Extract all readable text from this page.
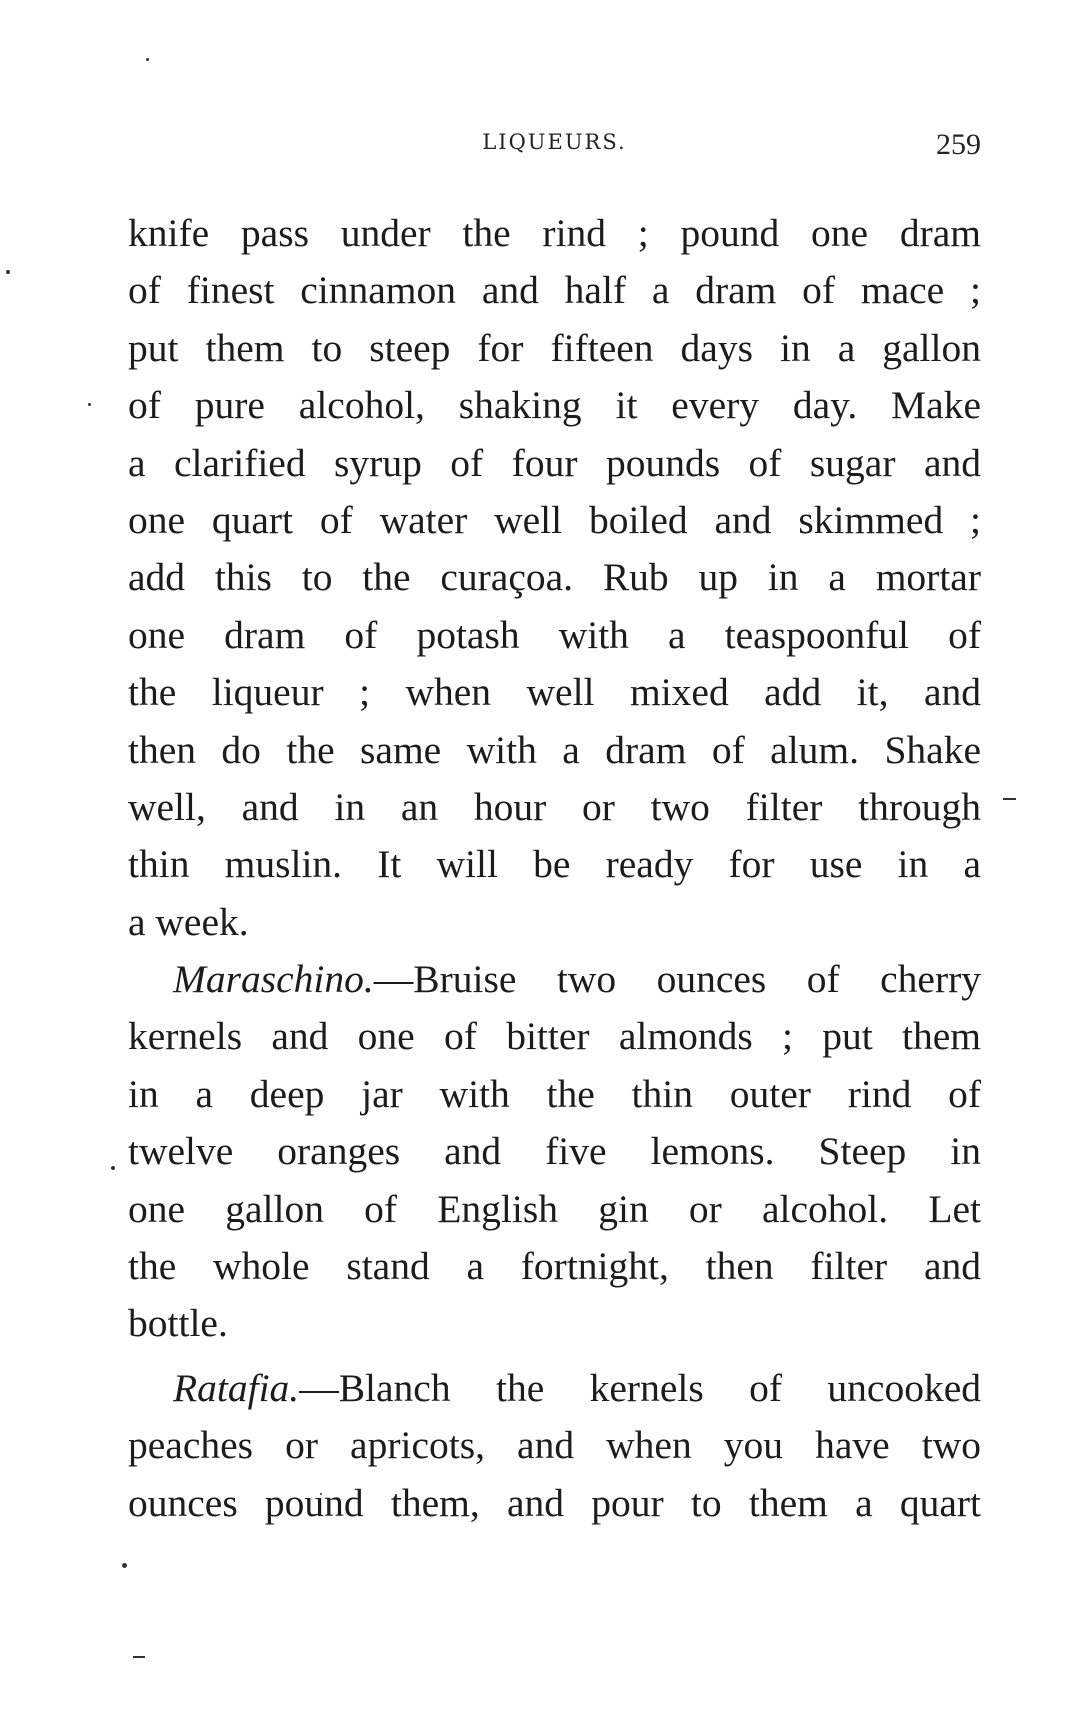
LIQUEURS.	259
knife pass under the rind ; pound one dram
of finest cinnamon and half a dram of mace ;
put them to steep for fifteen days in a gallon
of pure alcohol, shaking it every day. Make
a clarified syrup of four pounds of sugar and
one quart of water well boiled and skimmed ;
add this to the curaçoa. Rub up in a mortar
one dram of potash with a teaspoonful of
the liqueur ; when well mixed add it, and
then do the same with a dram of alum. Shake
well, and in an hour or two filter through
thin muslin. It will be ready for use in a
a week.
Maraschino.—Bruise two ounces of cherry
kernels and one of bitter almonds ; put them
in a deep jar with the thin outer rind of
twelve oranges and five lemons. Steep in
one gallon of English gin or alcohol. Let
the whole stand a fortnight, then filter and
bottle.
Ratafia.—Blanch the kernels of uncooked
peaches or apricots, and when you have two
ounces pound them, and pour to them a quart
